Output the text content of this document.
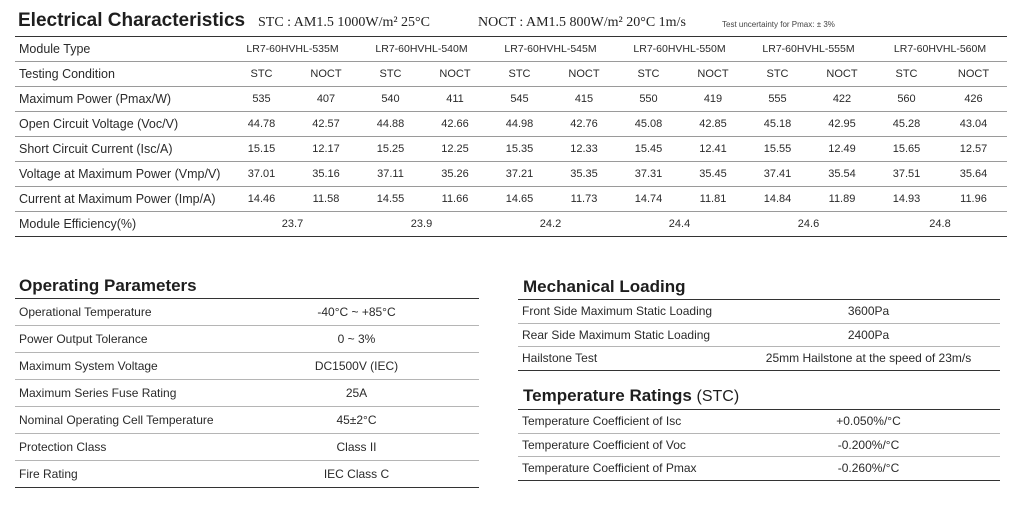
Electrical Characteristics STC : AM1.5 1000W/m² 25°C	NOCT : AM1.5 800W/m² 20°C 1m/s	Test uncertainty for Pmax: ± 3%
Module Type	LR7-60HVHL-535M		LR7-60HVHL-540M		LR7-60HVHL-545M		LR7-60HVHL-550M		LR7-60HVHL-555M		LR7-60HVHL-560M	
Testing Condition	STC	NOCT	STC	NOCT	STC	NOCT	STC	NOCT	STC	NOCT	STC	NOCT
Maximum Power (Pmax/W)	535	407	540	411	545	415	550	419	555	422	560	426
Open Circuit Voltage (Voc/V)	44.78	42.57	44.88	42.66	44.98	42.76	45.08	42.85	45.18	42.95	45.28	43.04
Short Circuit Current (Isc/A)	15.15	12.17	15.25	12.25	15.35	12.33	15.45	12.41	15.55	12.49	15.65	12.57
Voltage at Maximum Power (Vmp/V)	37.01	35.16	37.11	35.26	37.21	35.35	37.31	35.45	37.41	35.54	37.51	35.64
Current at Maximum Power (Imp/A)	14.46	11.58	14.55	11.66	14.65	11.73	14.74	11.81	14.84	11.89	14.93	11.96
Module Efficiency(%)	23.7		23.9		24.2		24.4		24.6		24.8	
Operating Parameters
Operational Temperature	-40°C ~ +85°C
Power Output Tolerance	0 ~ 3%
Maximum System Voltage	DC1500V (IEC)
Maximum Series Fuse Rating	25A
Nominal Operating Cell Temperature	45±2°C
Protection Class	Class II
Fire Rating	IEC Class C
Mechanical Loading
Front Side Maximum Static Loading	3600Pa
Rear Side Maximum Static Loading	2400Pa
Hailstone Test	25mm Hailstone at the speed of 23m/s
Temperature Ratings (STC)
Temperature Coefficient of Isc	+0.050%/°C
Temperature Coefficient of Voc	-0.200%/°C
Temperature Coefficient of Pmax	-0.260%/°C
